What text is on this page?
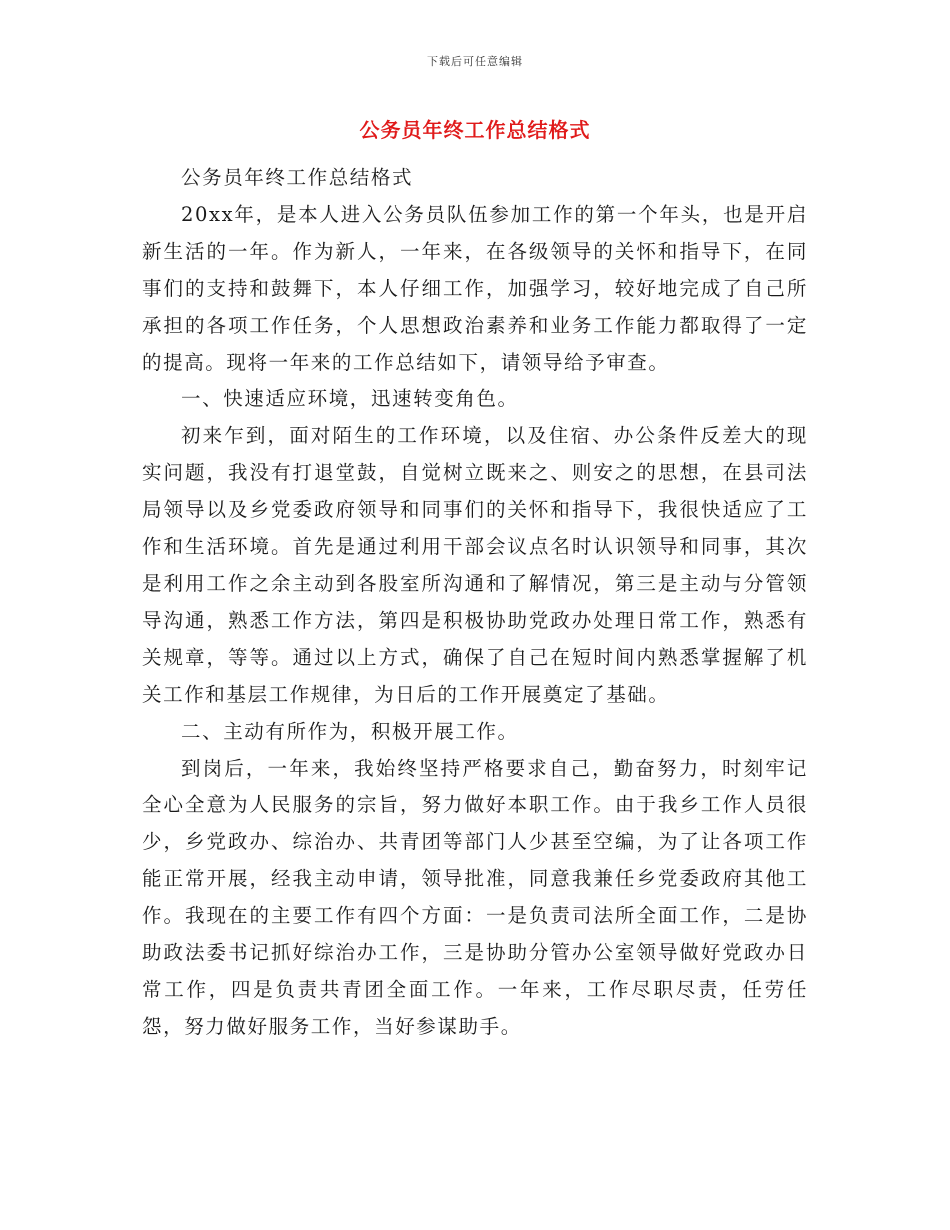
下载后可任意编辑
公务员年终工作总结格式

公务员年终工作总结格式

20xx年，是本人进入公务员队伍参加工作的第一个年头，也是开启新生活的一年。作为新人，一年来，在各级领导的关怀和指导下，在同事们的支持和鼓舞下，本人仔细工作，加强学习，较好地完成了自己所承担的各项工作任务，个人思想政治素养和业务工作能力都取得了一定的提高。现将一年来的工作总结如下，请领导给予审查。

一、快速适应环境，迅速转变角色。

初来乍到，面对陌生的工作环境，以及住宿、办公条件反差大的现实问题，我没有打退堂鼓，自觉树立既来之、则安之的思想，在县司法局领导以及乡党委政府领导和同事们的关怀和指导下，我很快适应了工作和生活环境。首先是通过利用干部会议点名时认识领导和同事，其次是利用工作之余主动到各股室所沟通和了解情况，第三是主动与分管领导沟通，熟悉工作方法，第四是积极协助党政办处理日常工作，熟悉有关规章，等等。通过以上方式，确保了自己在短时间内熟悉掌握解了机关工作和基层工作规律，为日后的工作开展奠定了基础。

二、主动有所作为，积极开展工作。

到岗后，一年来，我始终坚持严格要求自己，勤奋努力，时刻牢记全心全意为人民服务的宗旨，努力做好本职工作。由于我乡工作人员很少，乡党政办、综治办、共青团等部门人少甚至空编，为了让各项工作能正常开展，经我主动申请，领导批准，同意我兼任乡党委政府其他工作。我现在的主要工作有四个方面：一是负责司法所全面工作，二是协助政法委书记抓好综治办工作，三是协助分管办公室领导做好党政办日常工作，四是负责共青团全面工作。一年来，工作尽职尽责，任劳任怨，努力做好服务工作，当好参谋助手。
